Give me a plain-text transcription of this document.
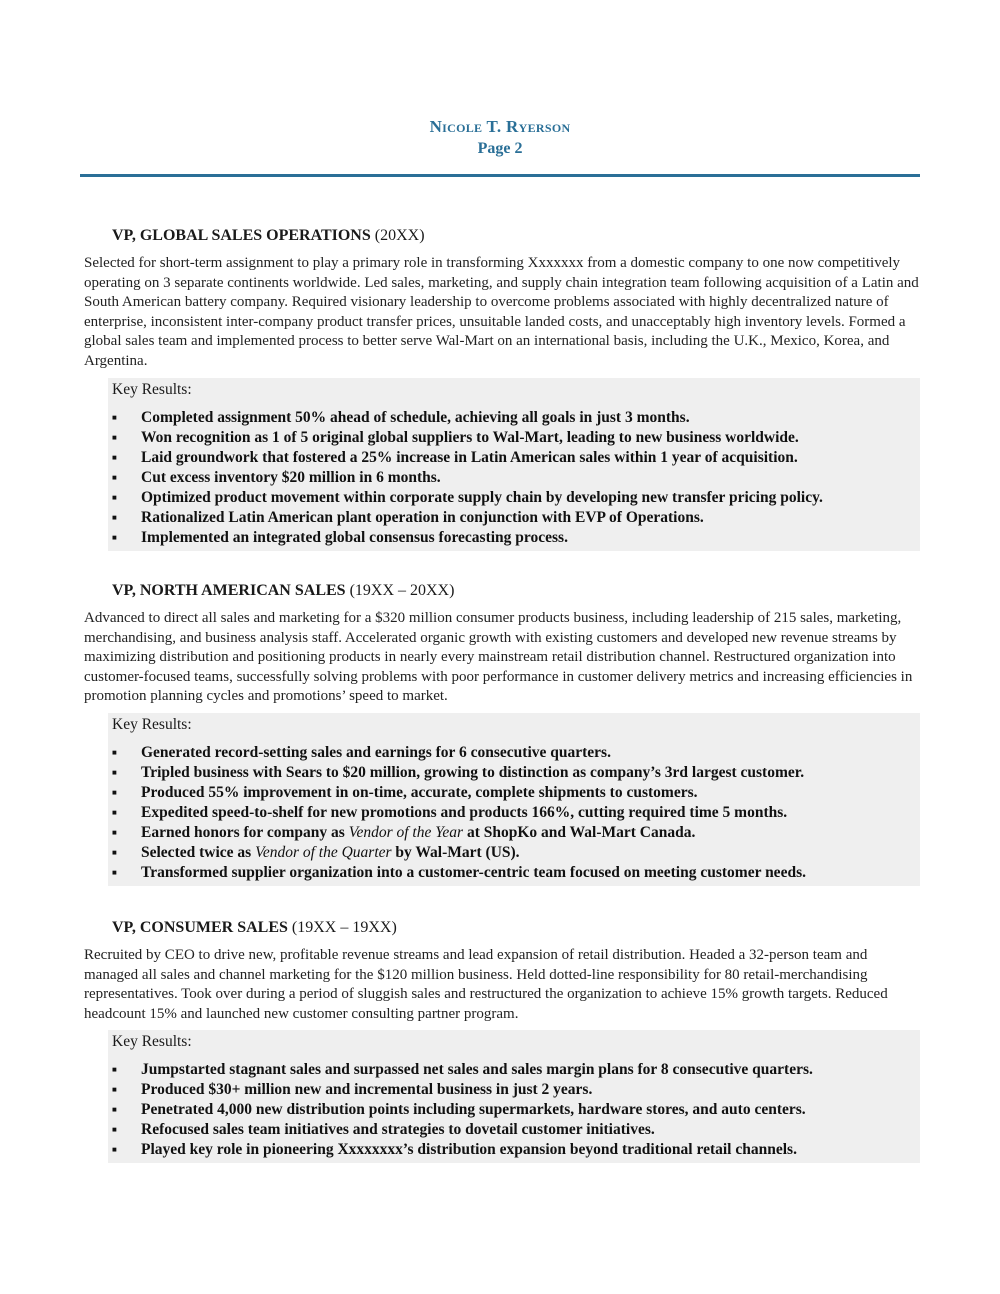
Nicole T. Ryerson
Page 2
VP, GLOBAL SALES OPERATIONS (20XX)
Selected for short-term assignment to play a primary role in transforming Xxxxxxx from a domestic company to one now competitively operating on 3 separate continents worldwide. Led sales, marketing, and supply chain integration team following acquisition of a Latin and South American battery company. Required visionary leadership to overcome problems associated with highly decentralized nature of enterprise, inconsistent inter-company product transfer prices, unsuitable landed costs, and unacceptably high inventory levels. Formed a global sales team and implemented process to better serve Wal-Mart on an international basis, including the U.K., Mexico, Korea, and Argentina.
Key Results:
■ Completed assignment 50% ahead of schedule, achieving all goals in just 3 months.
■ Won recognition as 1 of 5 original global suppliers to Wal-Mart, leading to new business worldwide.
■ Laid groundwork that fostered a 25% increase in Latin American sales within 1 year of acquisition.
■ Cut excess inventory $20 million in 6 months.
■ Optimized product movement within corporate supply chain by developing new transfer pricing policy.
■ Rationalized Latin American plant operation in conjunction with EVP of Operations.
■ Implemented an integrated global consensus forecasting process.
VP, NORTH AMERICAN SALES (19XX – 20XX)
Advanced to direct all sales and marketing for a $320 million consumer products business, including leadership of 215 sales, marketing, merchandising, and business analysis staff. Accelerated organic growth with existing customers and developed new revenue streams by maximizing distribution and positioning products in nearly every mainstream retail distribution channel. Restructured organization into customer-focused teams, successfully solving problems with poor performance in customer delivery metrics and increasing efficiencies in promotion planning cycles and promotions’ speed to market.
Key Results:
■ Generated record-setting sales and earnings for 6 consecutive quarters.
■ Tripled business with Sears to $20 million, growing to distinction as company’s 3rd largest customer.
■ Produced 55% improvement in on-time, accurate, complete shipments to customers.
■ Expedited speed-to-shelf for new promotions and products 166%, cutting required time 5 months.
■ Earned honors for company as Vendor of the Year at ShopKo and Wal-Mart Canada.
■ Selected twice as Vendor of the Quarter by Wal-Mart (US).
■ Transformed supplier organization into a customer-centric team focused on meeting customer needs.
VP, CONSUMER SALES (19XX – 19XX)
Recruited by CEO to drive new, profitable revenue streams and lead expansion of retail distribution. Headed a 32-person team and managed all sales and channel marketing for the $120 million business. Held dotted-line responsibility for 80 retail-merchandising representatives. Took over during a period of sluggish sales and restructured the organization to achieve 15% growth targets. Reduced headcount 15% and launched new customer consulting partner program.
Key Results:
■ Jumpstarted stagnant sales and surpassed net sales and sales margin plans for 8 consecutive quarters.
■ Produced $30+ million new and incremental business in just 2 years.
■ Penetrated 4,000 new distribution points including supermarkets, hardware stores, and auto centers.
■ Refocused sales team initiatives and strategies to dovetail customer initiatives.
■ Played key role in pioneering Xxxxxxxx’s distribution expansion beyond traditional retail channels.
